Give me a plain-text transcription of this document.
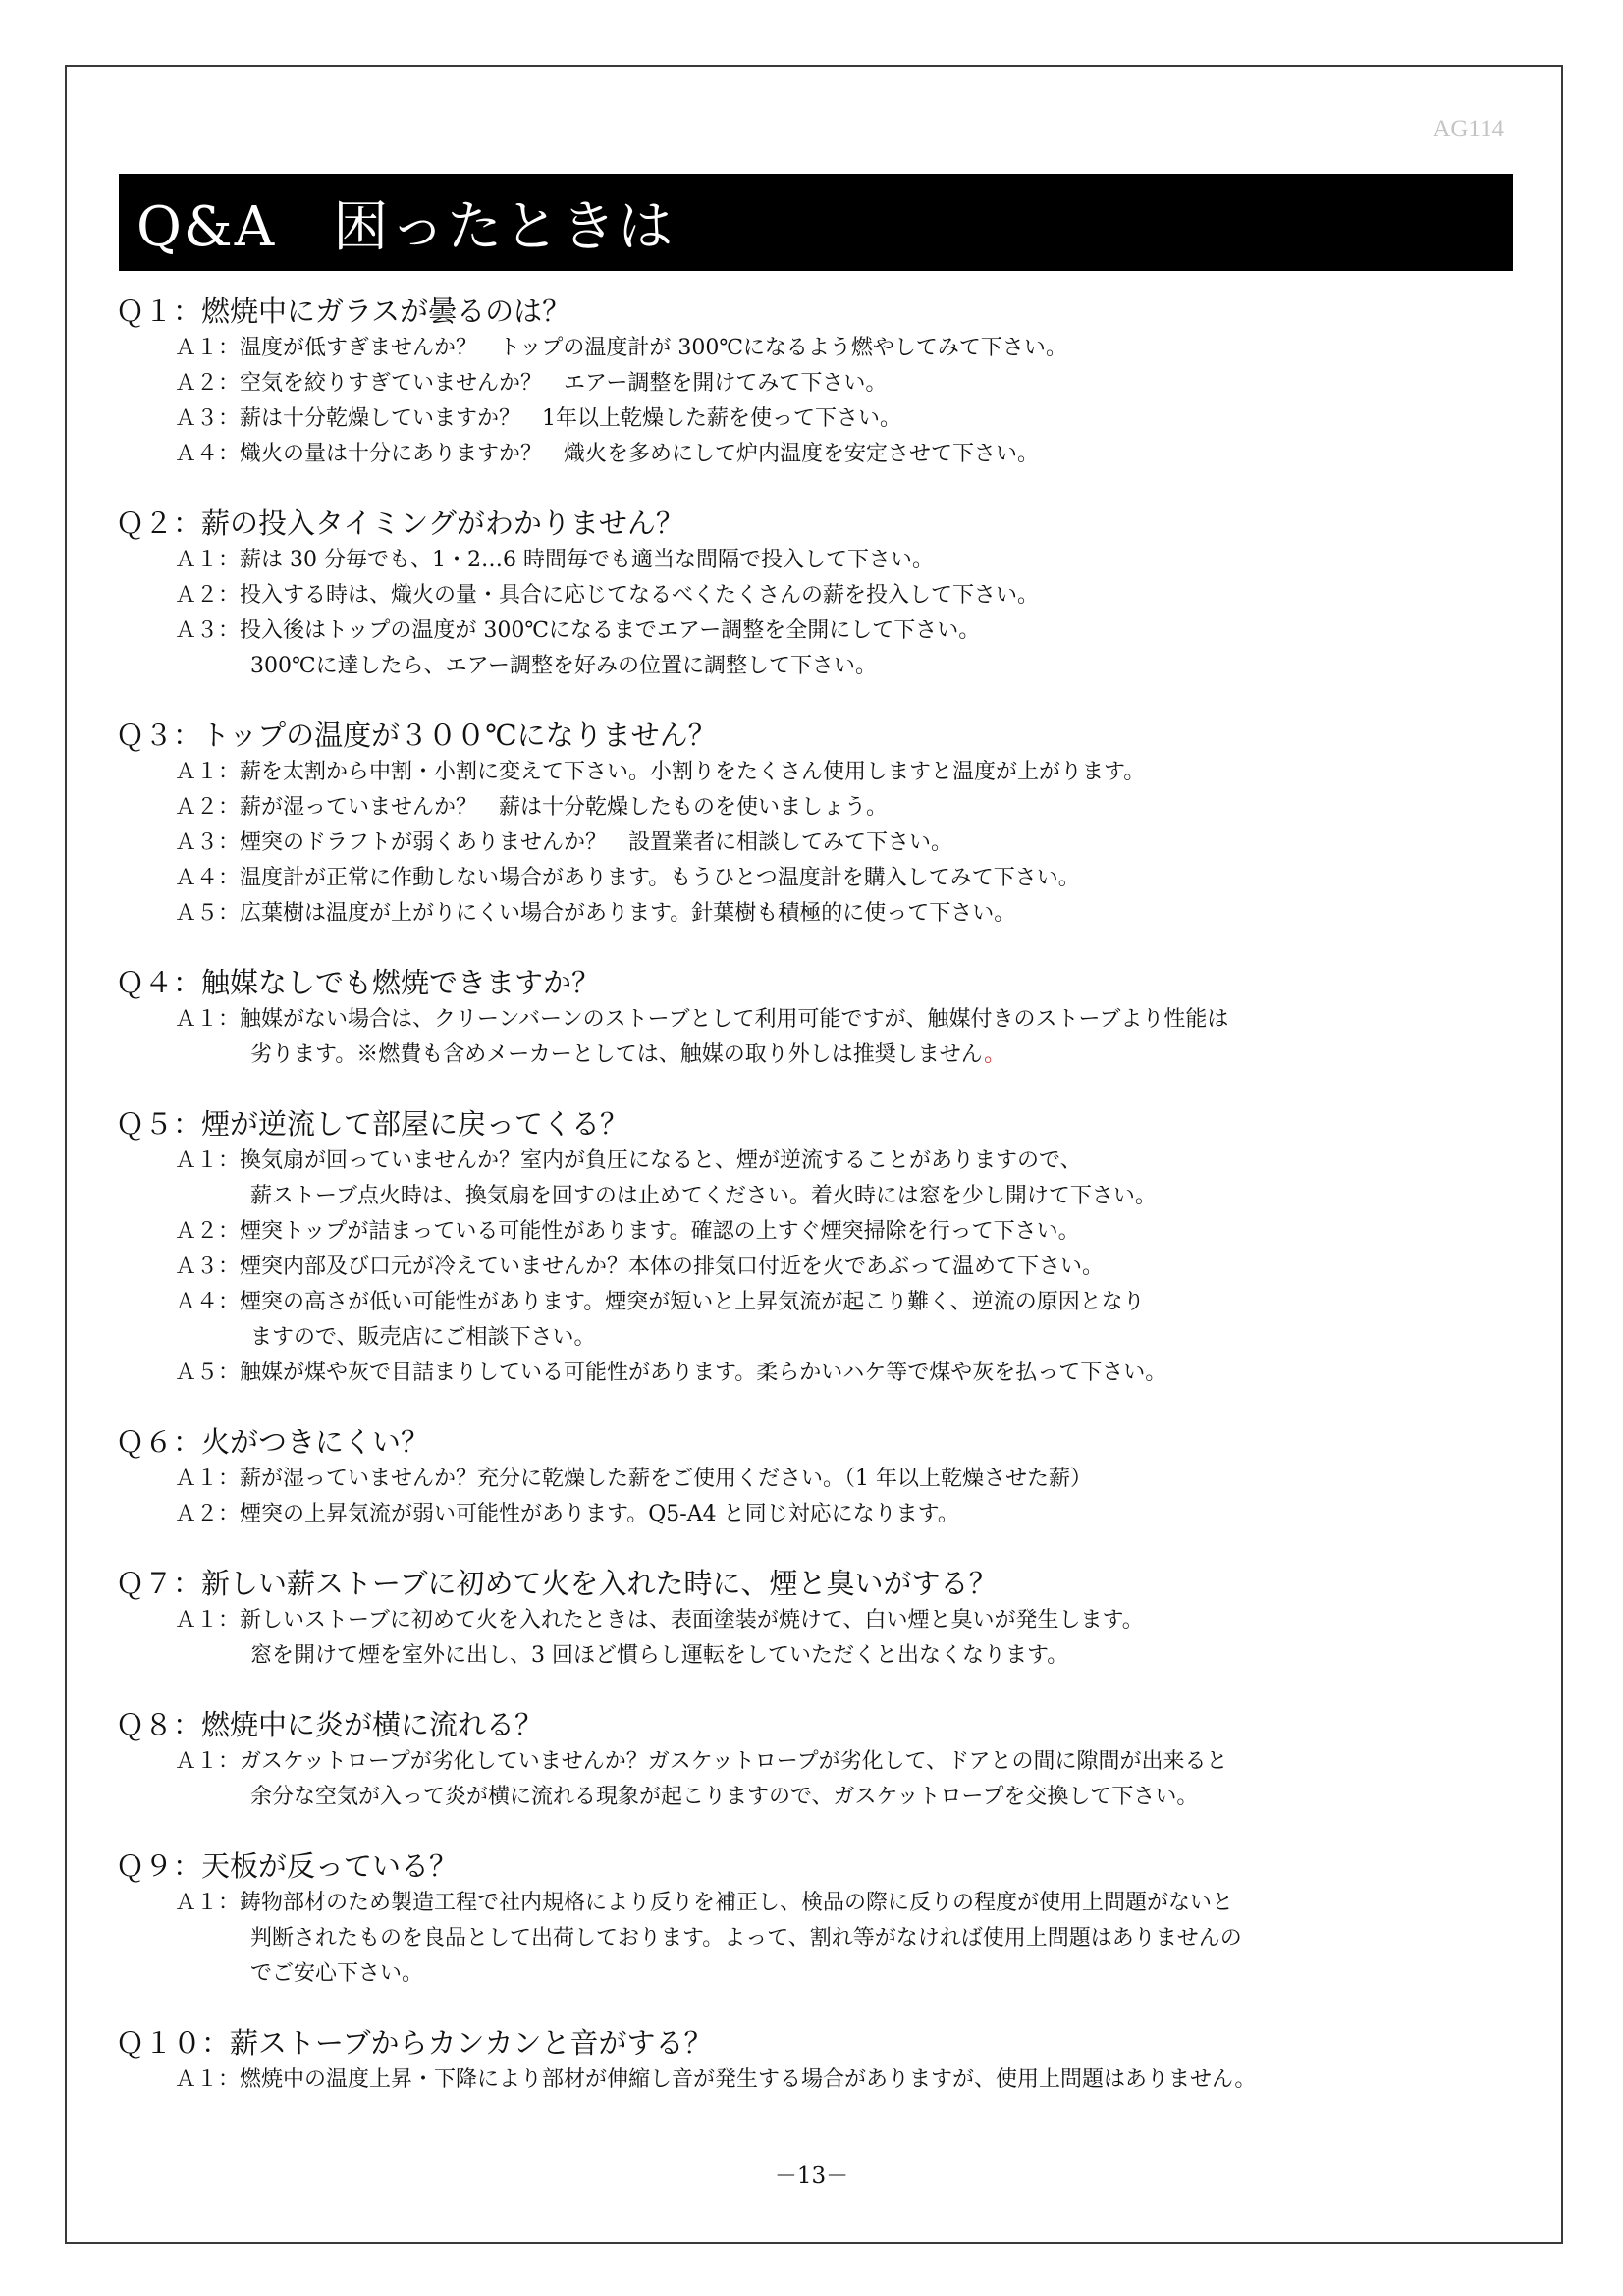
AG114
Q&A　困ったときは
Ｑ１：燃焼中にガラスが曇るのは？
Ａ１：温度が低すぎませんか？　トップの温度計が 300℃になるよう燃やしてみて下さい。
Ａ２：空気を絞りすぎていませんか？　エアー調整を開けてみて下さい。
Ａ３：薪は十分乾燥していますか？　1年以上乾燥した薪を使って下さい。
Ａ４：熾火の量は十分にありますか？　熾火を多めにして炉内温度を安定させて下さい。
Ｑ２：薪の投入タイミングがわかりません？
Ａ１：薪は 30 分毎でも、1・2…6 時間毎でも適当な間隔で投入して下さい。
Ａ２：投入する時は、熾火の量・具合に応じてなるべくたくさんの薪を投入して下さい。
Ａ３：投入後はトップの温度が 300℃になるまでエアー調整を全開にして下さい。
300℃に達したら、エアー調整を好みの位置に調整して下さい。
Ｑ３：トップの温度が３００℃になりません？
Ａ１：薪を太割から中割・小割に変えて下さい。小割りをたくさん使用しますと温度が上がります。
Ａ２：薪が湿っていませんか？　薪は十分乾燥したものを使いましょう。
Ａ３：煙突のドラフトが弱くありませんか？　設置業者に相談してみて下さい。
Ａ４：温度計が正常に作動しない場合があります。もうひとつ温度計を購入してみて下さい。
Ａ５：広葉樹は温度が上がりにくい場合があります。針葉樹も積極的に使って下さい。
Ｑ４：触媒なしでも燃焼できますか？
Ａ１：触媒がない場合は、クリーンバーンのストーブとして利用可能ですが、触媒付きのストーブより性能は
劣ります。※燃費も含めメーカーとしては、触媒の取り外しは推奨しません。
Ｑ５：煙が逆流して部屋に戻ってくる？
Ａ１：換気扇が回っていませんか？室内が負圧になると、煙が逆流することがありますので、
薪ストーブ点火時は、換気扇を回すのは止めてください。着火時には窓を少し開けて下さい。
Ａ２：煙突トップが詰まっている可能性があります。確認の上すぐ煙突掃除を行って下さい。
Ａ３：煙突内部及び口元が冷えていませんか？本体の排気口付近を火であぶって温めて下さい。
Ａ４：煙突の高さが低い可能性があります。煙突が短いと上昇気流が起こり難く、逆流の原因となり
ますので、販売店にご相談下さい。
Ａ５：触媒が煤や灰で目詰まりしている可能性があります。柔らかいハケ等で煤や灰を払って下さい。
Ｑ６：火がつきにくい？
Ａ１：薪が湿っていませんか？充分に乾燥した薪をご使用ください。（1 年以上乾燥させた薪）
Ａ２：煙突の上昇気流が弱い可能性があります。Q5-A4 と同じ対応になります。
Ｑ７：新しい薪ストーブに初めて火を入れた時に、煙と臭いがする？
Ａ１：新しいストーブに初めて火を入れたときは、表面塗装が焼けて、白い煙と臭いが発生します。
窓を開けて煙を室外に出し、3 回ほど慣らし運転をしていただくと出なくなります。
Ｑ８：燃焼中に炎が横に流れる？
Ａ１：ガスケットロープが劣化していませんか？ガスケットロープが劣化して、ドアとの間に隙間が出来ると
余分な空気が入って炎が横に流れる現象が起こりますので、ガスケットロープを交換して下さい。
Ｑ９：天板が反っている？
Ａ１：鋳物部材のため製造工程で社内規格により反りを補正し、検品の際に反りの程度が使用上問題がないと
判断されたものを良品として出荷しております。よって、割れ等がなければ使用上問題はありませんの
でご安心下さい。
Ｑ１０：薪ストーブからカンカンと音がする？
Ａ１：燃焼中の温度上昇・下降により部材が伸縮し音が発生する場合がありますが、使用上問題はありません。
－13－
